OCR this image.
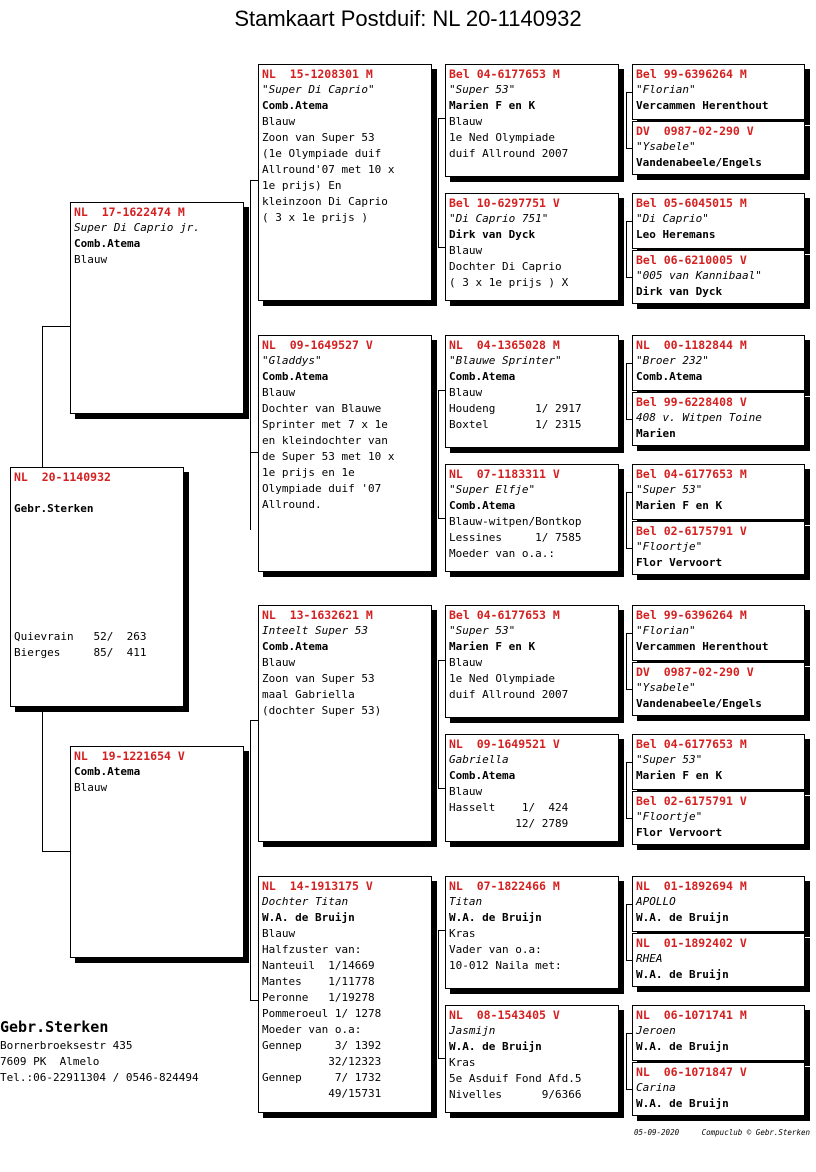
Stamkaart Postduif: NL 20-1140932
NL  20-1140932

Gebr.Sterken

Quievrain   52/  263
Bierges     85/  411
NL  17-1622474 M
Super Di Caprio jr.
Comb.Atema
Blauw
NL  19-1221654 V
Comb.Atema
Blauw
NL  15-1208301 M
"Super Di Caprio"
Comb.Atema
Blauw
Zoon van Super 53
(1e Olympiade duif
Allround'07 met 10 x
1e prijs) En
kleinzoon Di Caprio
( 3 x 1e prijs )
NL  09-1649527 V
"Gladdys"
Comb.Atema
Blauw
Dochter van Blauwe
Sprinter met 7 x 1e
en kleindochter van
de Super 53 met 10 x
1e prijs en 1e
Olympiade duif '07
Allround.
NL  13-1632621 M
Inteelt Super 53
Comb.Atema
Blauw
Zoon van Super 53
maal Gabriella
(dochter Super 53)
NL  14-1913175 V
Dochter Titan
W.A. de Bruijn
Blauw
Halfzuster van:
Nanteuil  1/14669
Mantes    1/11778
Peronne   1/19278
Pommeroeul 1/ 1278
Moeder van o.a:
Gennep     3/ 1392
32/12323
Gennep     7/ 1732
49/15731
Bel 04-6177653 M
"Super 53"
Marien F en K
Blauw
1e Ned Olympiade
duif Allround 2007
Bel 10-6297751 V
"Di Caprio 751"
Dirk van Dyck
Blauw
Dochter Di Caprio
( 3 x 1e prijs ) X
NL  04-1365028 M
"Blauwe Sprinter"
Comb.Atema
Blauw
Houdeng      1/ 2917
Boxtel       1/ 2315
NL  07-1183311 V
"Super Elfje"
Comb.Atema
Blauw-witpen/Bontkop
Lessines     1/ 7585
Moeder van o.a.:
Bel 04-6177653 M
"Super 53"
Marien F en K
Blauw
1e Ned Olympiade
duif Allround 2007
NL  09-1649521 V
Gabriella
Comb.Atema
Blauw
Hasselt    1/  424
12/ 2789
NL  07-1822466 M
Titan
W.A. de Bruijn
Kras
Vader van o.a:
10-012 Naila met:
NL  08-1543405 V
Jasmijn
W.A. de Bruijn
Kras
5e Asduif Fond Afd.5
Nivelles      9/6366
Bel 99-6396264 M
"Florian"
Vercammen Herenthout
DV  0987-02-290 V
"Ysabele"
Vandenabeele/Engels
Bel 05-6045015 M
"Di Caprio"
Leo Heremans
Bel 06-6210005 V
"005 van Kannibaal"
Dirk van Dyck
NL  00-1182844 M
"Broer 232"
Comb.Atema
Bel 99-6228408 V
408 v. Witpen Toine
Marien
Bel 04-6177653 M
"Super 53"
Marien F en K
Bel 02-6175791 V
"Floortje"
Flor Vervoort
Bel 99-6396264 M
"Florian"
Vercammen Herenthout
DV  0987-02-290 V
"Ysabele"
Vandenabeele/Engels
Bel 04-6177653 M
"Super 53"
Marien F en K
Bel 02-6175791 V
"Floortje"
Flor Vervoort
NL  01-1892694 M
APOLLO
W.A. de Bruijn
NL  01-1892402 V
RHEA
W.A. de Bruijn
NL  06-1071741 M
Jeroen
W.A. de Bruijn
NL  06-1071847 V
Carina
W.A. de Bruijn
Gebr.Sterken
Bornerbroeksestr 435
7609 PK  Almelo
Tel.:06-22911304 / 0546-824494
05-09-2020	Compuclub © Gebr.Sterken
